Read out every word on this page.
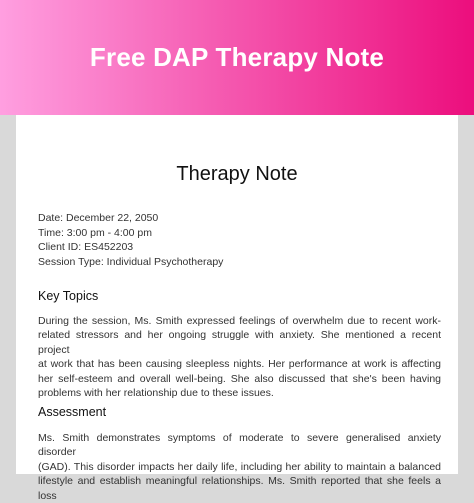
Free DAP Therapy Note
Therapy Note
Date: December 22, 2050
Time: 3:00 pm - 4:00 pm
Client ID: ES452203
Session Type: Individual Psychotherapy
Key Topics
During the session, Ms. Smith expressed feelings of overwhelm due to recent work-
related stressors and her ongoing struggle with anxiety. She mentioned a recent project
at work that has been causing sleepless nights. Her performance at work is affecting
her self-esteem and overall well-being. She also discussed that she's been having
problems with her relationship due to these issues.
Assessment
Ms. Smith demonstrates symptoms of moderate to severe generalised anxiety disorder
(GAD). This disorder impacts her daily life, including her ability to maintain a balanced
lifestyle and establish meaningful relationships. Ms. Smith reported that she feels a loss
